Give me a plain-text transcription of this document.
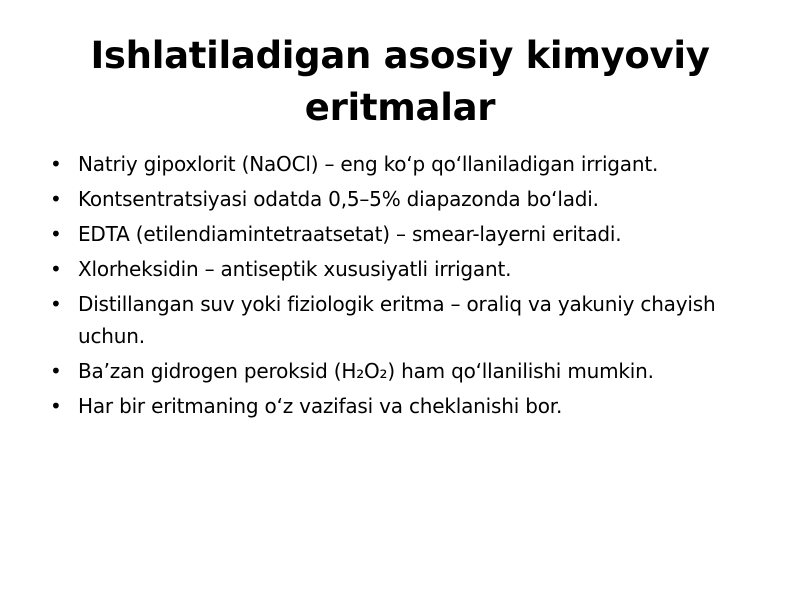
Ishlatiladigan asosiy kimyoviy eritmalar
• Natriy gipoxlorit (NaOCl) – eng ko‘p qo‘llaniladigan irrigant.
• Kontsentratsiyasi odatda 0,5–5% diapazonda bo‘ladi.
• EDTA (etilendiamintetraatsetat) – smear-layerni eritadi.
• Xlorheksidin – antiseptik xususiyatli irrigant.
• Distillangan suv yoki fiziologik eritma – oraliq va yakuniy chayish uchun.
• Ba’zan gidrogen peroksid (H₂O₂) ham qo‘llanilishi mumkin.
• Har bir eritmaning o‘z vazifasi va cheklanishi bor.
